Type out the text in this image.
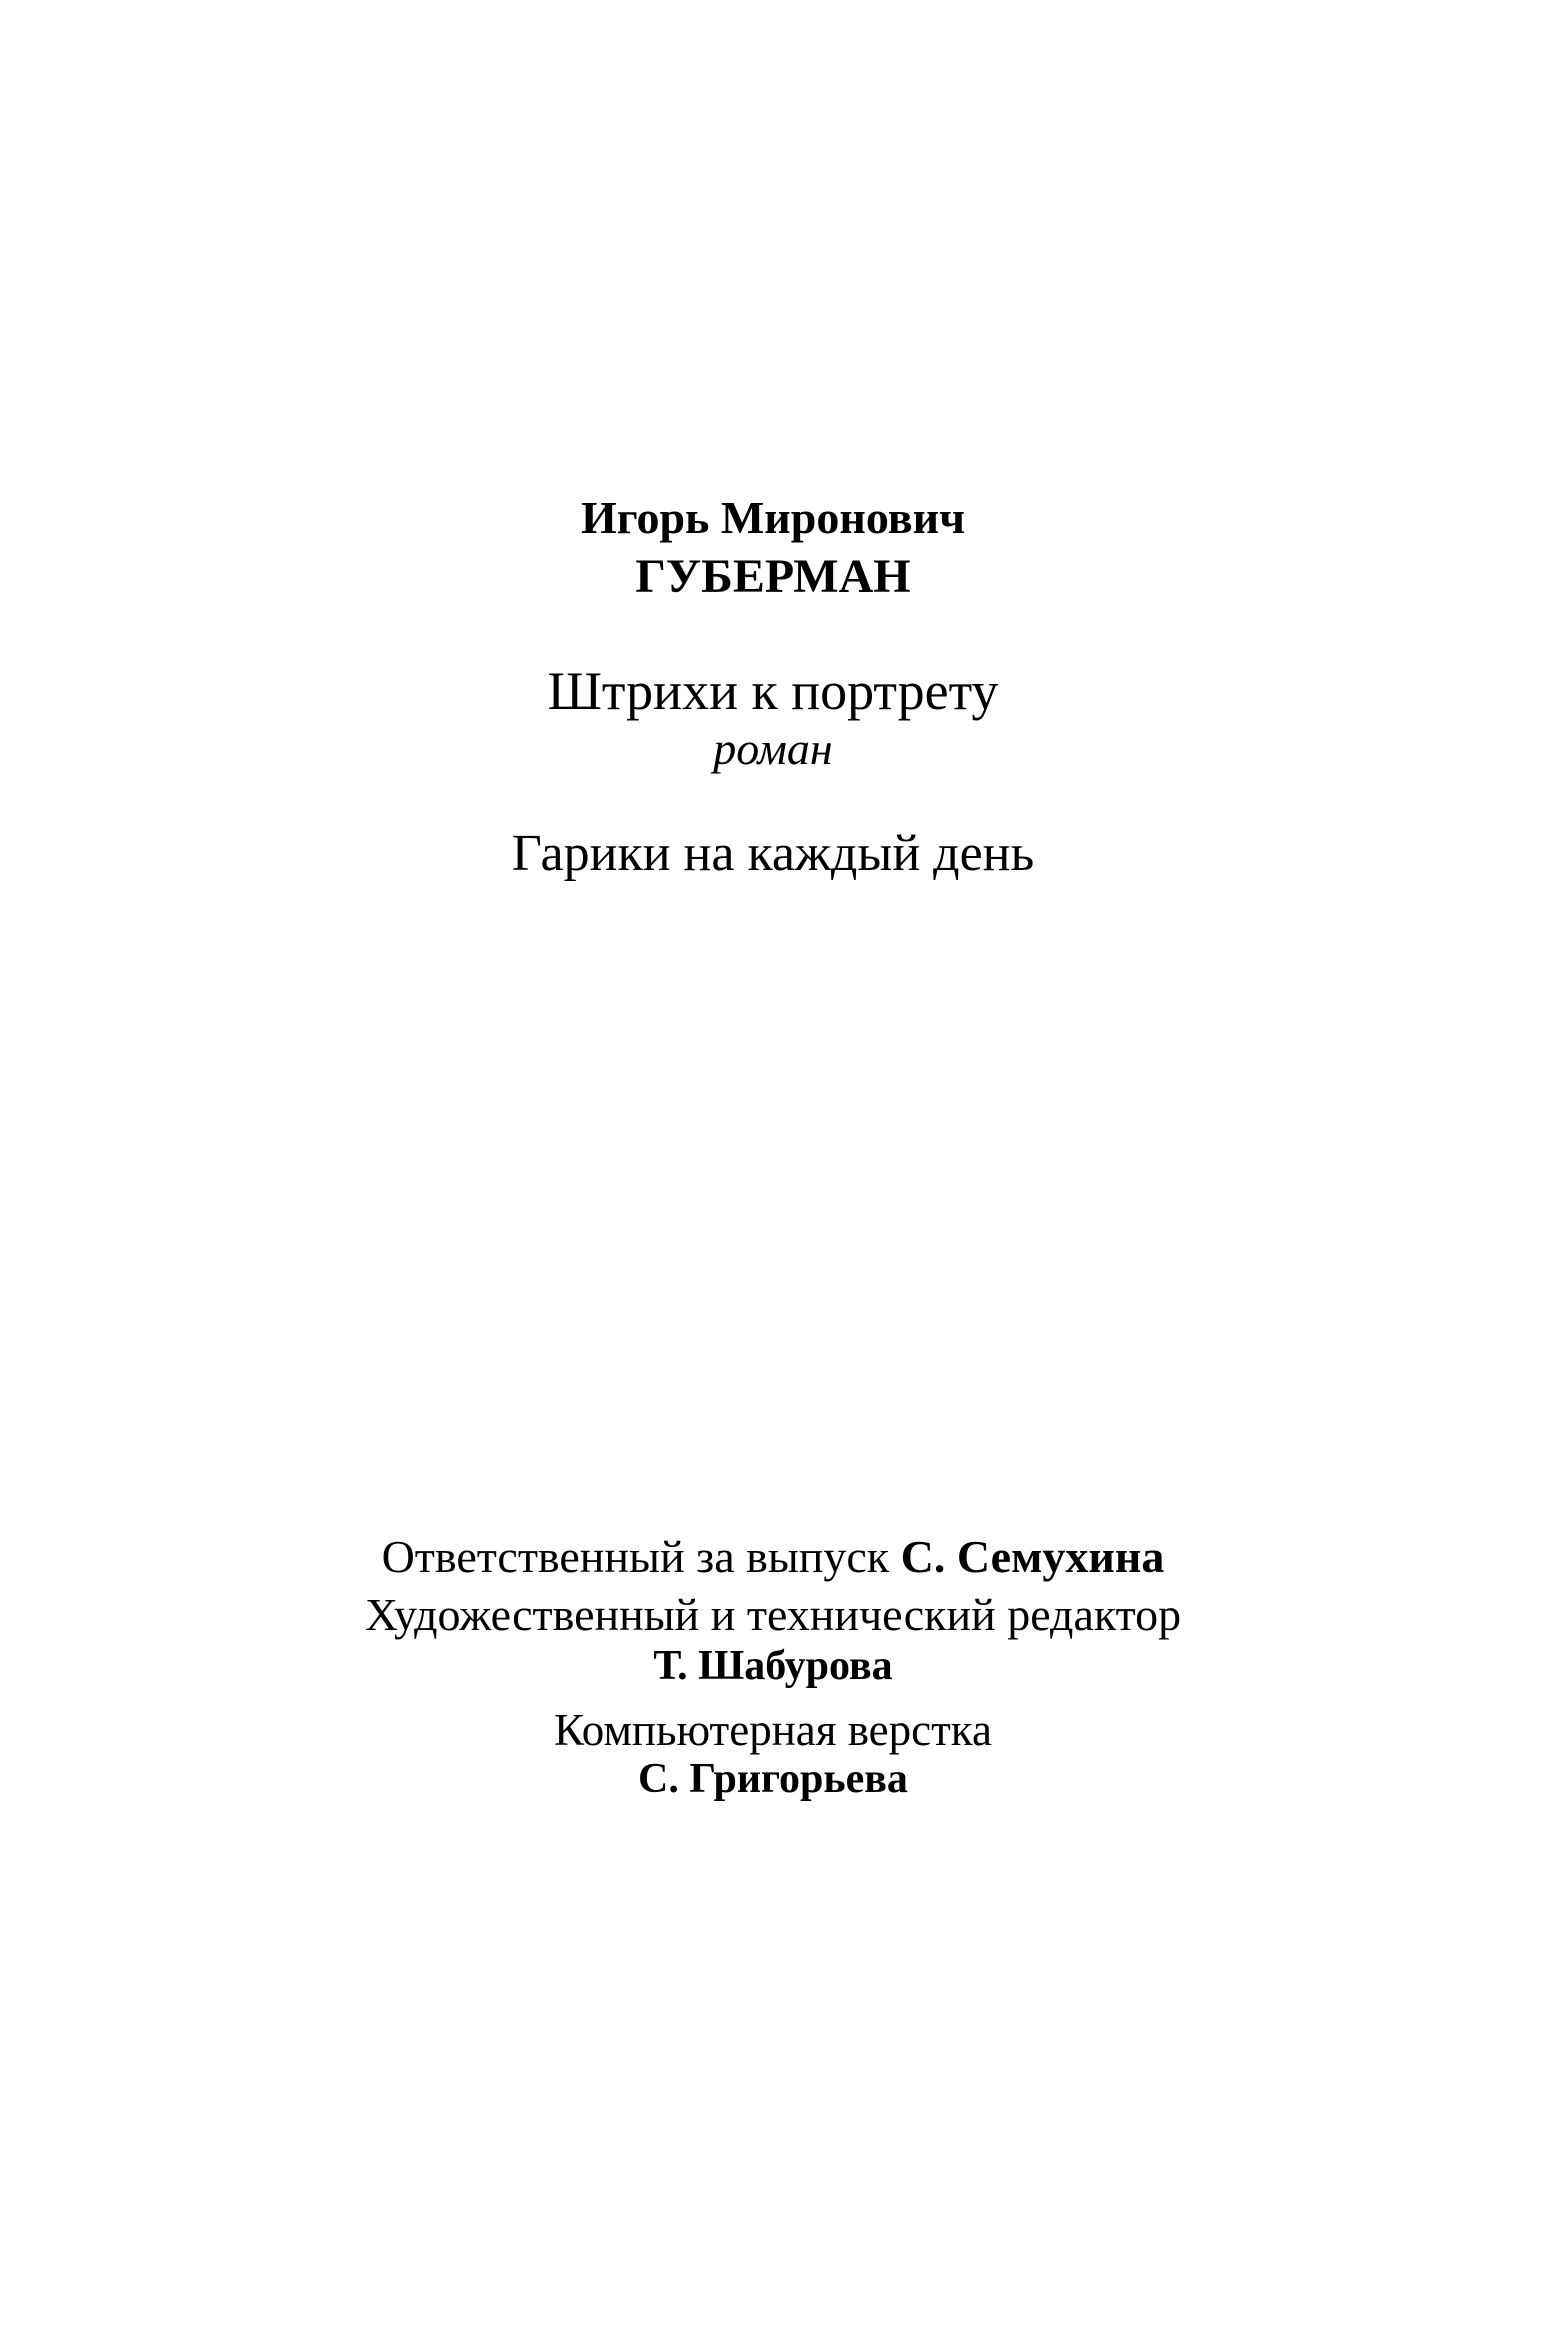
Игорь Миронович
ГУБЕРМАН
Штрихи к портрету
роман
Гарики на каждый день
Ответственный за выпуск С. Семухина
Художественный и технический редактор
Т. Шабурова
Компьютерная верстка
С. Григорьева
